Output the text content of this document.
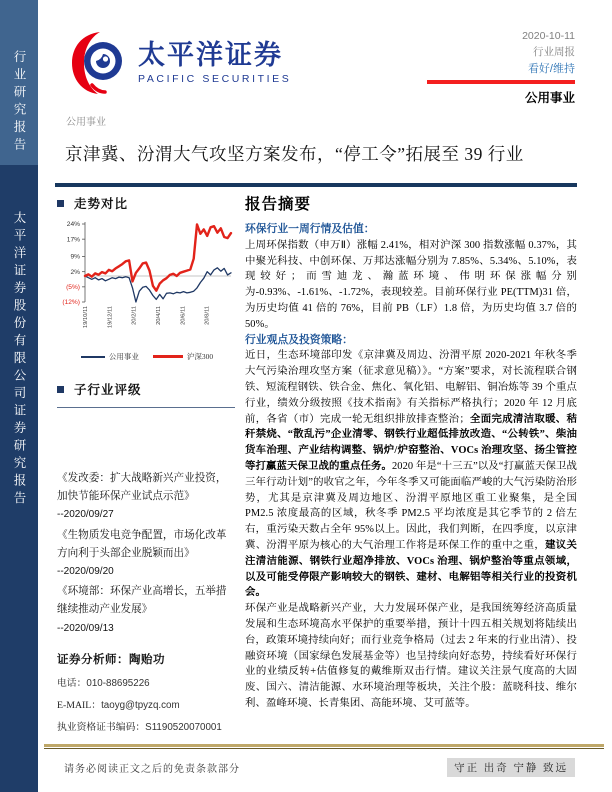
行业研究报告
太平洋证券股份有限公司证券研究报告
太平洋证券
PACIFIC SECURITIES
2020-10-11
行业周报
看好/维持
公用事业
公用事业
京津冀、汾渭大气攻坚方案发布，“停工令”拓展至 39 行业
走势对比
24%
17%
9%
2%
(5%)
(12%)
19/10/11	19/12/11	20/2/11	20/4/11	20/6/11	20/8/11
公用事业	沪深300
子行业评级
《发改委：扩大战略新兴产业投资，加快节能环保产业试点示范》
--2020/09/27
《生物质发电竞争配置，市场化改革方向利于头部企业脱颖而出》
--2020/09/20
《环境部：环保产业高增长，五举措继续推动产业发展》
--2020/09/13
证券分析师：陶贻功
电话：010-88695226
E-MAIL：taoyg@tpyzq.com
执业资格证书编码：S1190520070001
报告摘要
环保行业一周行情及估值：
上周环保指数（申万Ⅱ）涨幅 2.41%，相对沪深 300 指数涨幅 0.37%，其中聚光科技、中创环保、万邦达涨幅分别为 7.85%、5.34%、5.10%，表现较好；而雪迪龙、瀚蓝环境、伟明环保涨幅分别为-0.93%、-1.61%、-1.72%，表现较差。目前环保行业 PE(TTM)31 倍，为历史均值 41 倍的 76%，目前 PB（LF）1.8 倍，为历史均值 3.7 倍的 50%。
行业观点及投资策略：
近日，生态环境部印发《京津冀及周边、汾渭平原 2020-2021 年秋冬季大气污染治理攻坚方案（征求意见稿）》。“方案”要求，对长流程联合钢铁、短流程钢铁、铁合金、焦化、氧化铝、电解铝、铜冶炼等 39 个重点行业，绩效分级按照《技术指南》有关指标严格执行；2020 年 12 月底前，各省（市）完成一轮无组织排放排查整治；全面完成清洁取暖、秸秆禁烧、“散乱污”企业清零、钢铁行业超低排放改造、“公转铁”、柴油货车治理、产业结构调整、锅炉/炉窑整治、VOCs 治理攻坚、扬尘管控等打赢蓝天保卫战的重点任务。2020 年是“十三五”以及“打赢蓝天保卫战三年行动计划”的收官之年，今年冬季又可能面临严峻的大气污染防治形势，尤其是京津冀及周边地区、汾渭平原地区重工业聚集，是全国 PM2.5 浓度最高的区域，秋冬季 PM2.5 平均浓度是其它季节的 2 倍左右，重污染天数占全年 95%以上。因此，我们判断，在四季度，以京津冀、汾渭平原为核心的大气治理工作将是环保工作的重中之重，建议关注清洁能源、钢铁行业超净排放、VOCs 治理、锅炉整治等重点领域，以及可能受停限产影响较大的钢铁、建材、电解铝等相关行业的投资机会。
环保产业是战略新兴产业，大力发展环保产业，是我国统筹经济高质量发展和生态环境高水平保护的重要举措，预计十四五相关规划将陆续出台，政策环境持续向好；而行业竞争格局（过去 2 年来的行业出清）、投融资环境（国家绿色发展基金等）也呈持续向好态势，持续看好环保行业的业绩反转+估值修复的戴维斯双击行情。建议关注景气度高的大固废、国六、清洁能源、水环境治理等板块，关注个股：蓝晓科技、维尔利、盈峰环境、长青集团、高能环境、艾可蓝等。
请务必阅读正文之后的免责条款部分	守正 出奇 宁静 致远
